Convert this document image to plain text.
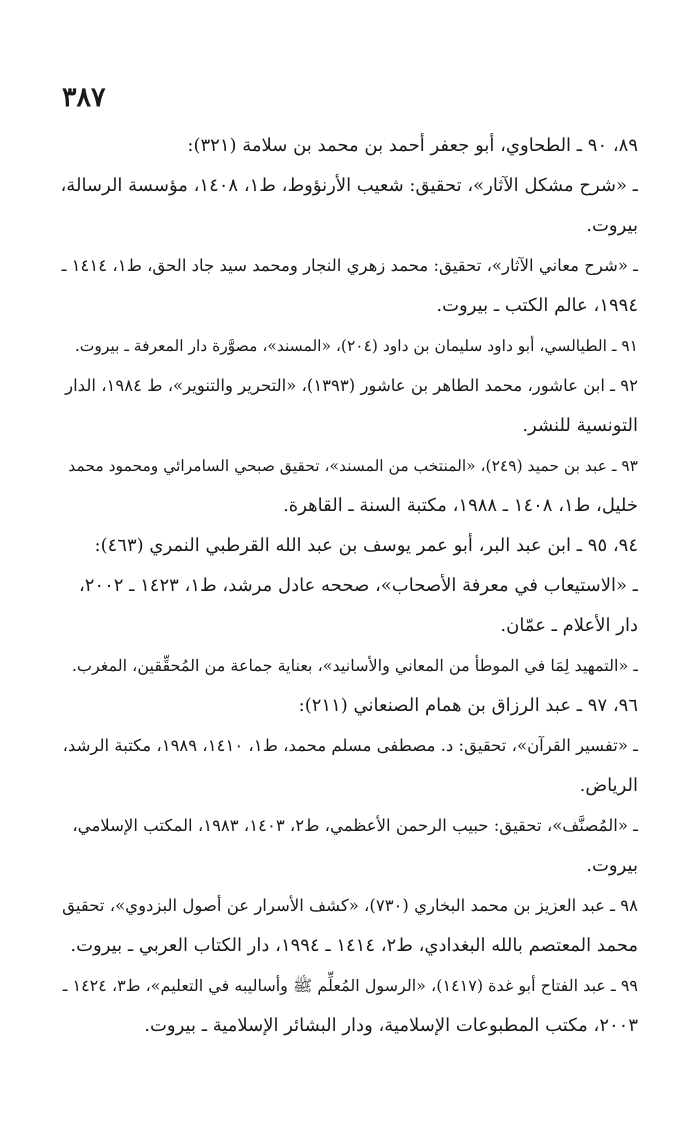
٣٨٧
٨٩، ٩٠ ـ الطحاوي، أبو جعفر أحمد بن محمد بن سلامة (٣٢١):
ـ «شرح مشكل الآثار»، تحقيق: شعيب الأرنؤوط، ط١، ١٤٠٨، مؤسسة الرسالة،
بيروت.
ـ «شرح معاني الآثار»، تحقيق: محمد زهري النجار ومحمد سيد جاد الحق، ط١، ١٤١٤ ـ
١٩٩٤، عالم الكتب ـ بيروت.
٩١ ـ الطيالسي، أبو داود سليمان بن داود (٢٠٤)، «المسند»، مصوَّرة دار المعرفة ـ بيروت.
٩٢ ـ ابن عاشور، محمد الطاهر بن عاشور (١٣٩٣)، «التحرير والتنوير»، ط ١٩٨٤، الدار
التونسية للنشر.
٩٣ ـ عبد بن حميد (٢٤٩)، «المنتخب من المسند»، تحقيق صبحي السامرائي ومحمود محمد
خليل، ط١، ١٤٠٨ ـ ١٩٨٨، مكتبة السنة ـ القاهرة.
٩٤، ٩٥ ـ ابن عبد البر، أبو عمر يوسف بن عبد الله القرطبي النمري (٤٦٣):
ـ «الاستيعاب في معرفة الأصحاب»، صححه عادل مرشد، ط١، ١٤٢٣ ـ ٢٠٠٢،
دار الأعلام ـ عمّان.
ـ «التمهيد لِمَا في الموطأ من المعاني والأسانيد»، بعناية جماعة من المُحقِّقين، المغرب.
٩٦، ٩٧ ـ عبد الرزاق بن همام الصنعاني (٢١١):
ـ «تفسير القرآن»، تحقيق: د. مصطفى مسلم محمد، ط١، ١٤١٠، ١٩٨٩، مكتبة الرشد،
الرياض.
ـ «المُصنَّف»، تحقيق: حبيب الرحمن الأعظمي، ط٢، ١٤٠٣، ١٩٨٣، المكتب الإسلامي،
بيروت.
٩٨ ـ عبد العزيز بن محمد البخاري (٧٣٠)، «كشف الأسرار عن أصول البزدوي»، تحقيق
محمد المعتصم بالله البغدادي، ط٢، ١٤١٤ ـ ١٩٩٤، دار الكتاب العربي ـ بيروت.
٩٩ ـ عبد الفتاح أبو غدة (١٤١٧)، «الرسول المُعلِّم ﷺ وأساليبه في التعليم»، ط٣، ١٤٢٤ ـ
٢٠٠٣، مكتب المطبوعات الإسلامية، ودار البشائر الإسلامية ـ بيروت.
